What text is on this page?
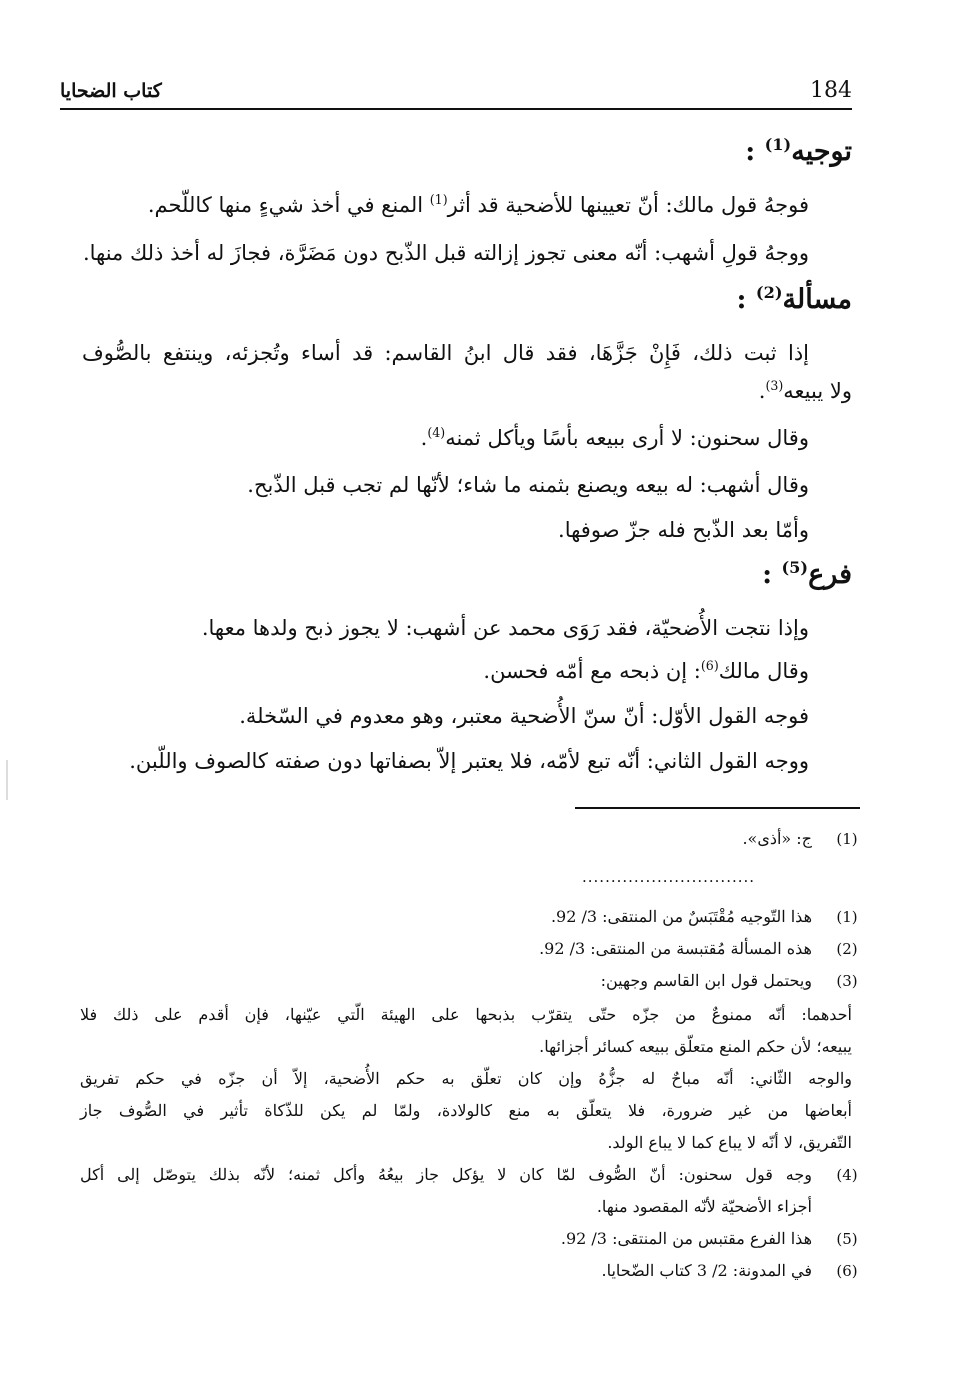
كتاب الضحايا	184
توجيه$^{(1)}$ :
فوجهُ قول مالك: أنّ تعيينها للأضحية قد أثر$^{(1)}$ المنع في أخذ شيءٍ منها كاللّحم.
ووجهُ قولِ أشهب: أنّه معنى تجوز إزالته قبل الذّبح دون مَضَرَّة، فجازَ له أخذ ذلك منها.
مسألة$^{(2)}$ :
إذا ثبت ذلك، فَإِنْ جَزَّهَا، فقد قال ابنُ القاسم: قد أساء وتُجزئه، وينتفع بالصُّوف
ولا يبيعه$^{(3)}$.
وقال سحنون: لا أرى ببيعه بأسًا ويأكل ثمنه$^{(4)}$.
وقال أشهب: له بيعه ويصنع بثمنه ما شاء؛ لأنّها لم تجب قبل الذّبح.
وأمّا بعد الذّبح فله جزّ صوفها.
فرع$^{(5)}$ :
وإذا نتجت الأُضحيّة، فقد رَوَى محمد عن أشهب: لا يجوز ذبح ولدها معها.
وقال مالك$^{(6)}$: إن ذبحه مع أمّه فحسن.
فوجه القول الأوّل: أنّ سنّ الأُضحية معتبر، وهو معدوم في السّخلة.
ووجه القول الثاني: أنّه تبع لأمّه، فلا يعتبر إلاّ بصفاتها دون صفته كالصوف واللّبن.
(1)
ج: «أذى».
..............................
(1)
هذا التّوجيه مُقْتَبَسٌ من المنتقى: 3/ 92.
(2)
هذه المسألة مُقتبسة من المنتقى: 3/ 92.
(3)
ويحتمل قول ابن القاسم وجهين:
أحدهما: أنّه ممنوعٌ من جزّه حتّى يتقرّب بذبحها على الهيئة الّتي عيّنها، فإن أقدم على ذلك فلا
يبيعه؛ لأن حكم المنع متعلّق ببيعه كسائر أجزائها.
والوجه الثّاني: أنّه مباحٌ له جزُّهُ وإن كان تعلّق به حكم الأُضحية، إلاّ أن جزّه في حكم تفريق
أبعاضها من غير ضرورة، فلا يتعلّق به منع كالولادة، ولمّا لم يكن للذّكاة تأثير في الصُّوف جاز
التّفريق، لا أنّه لا يباع كما لا يباع الولد.
(4)
وجه قول سحنون: أنّ الصُّوف لمّا كان لا يؤكل جاز بيعُهُ وأكل ثمنه؛ لأنّه بذلك يتوصّل إلى أكل
أجزاء الأضحيّة لأنّه المقصود منها.
(5)
هذا الفرع مقتبس من المنتقى: 3/ 92.
(6)
في المدونة: 2/ 3 كتاب الضّحايا.
